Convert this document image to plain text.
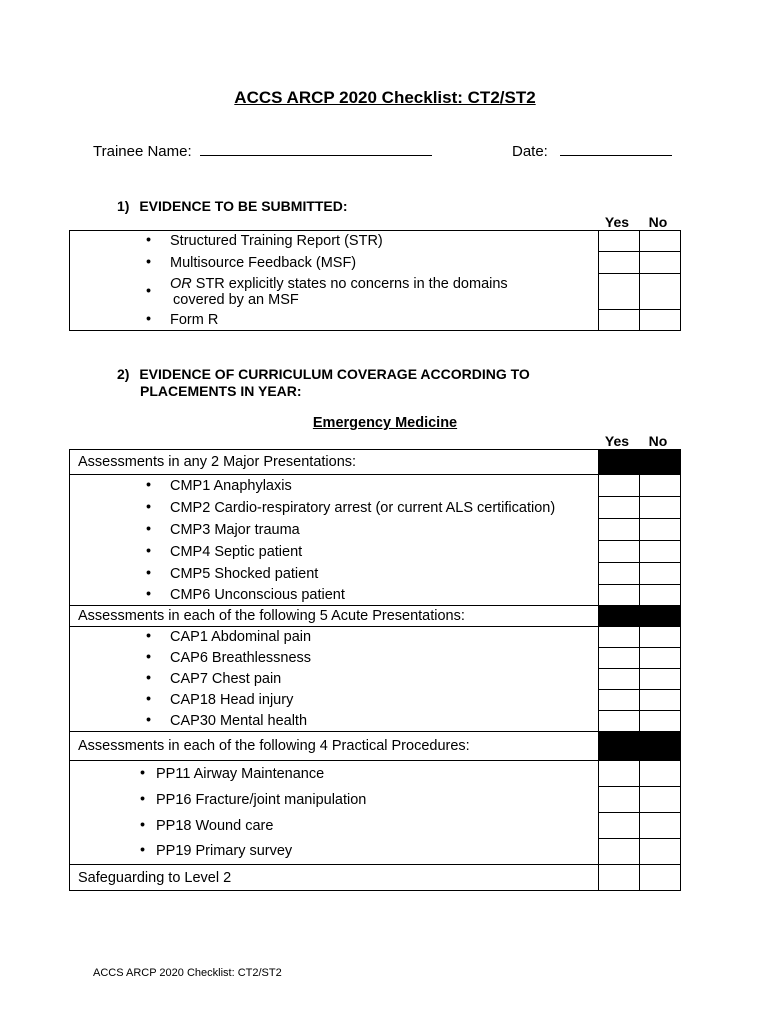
ACCS ARCP 2020 Checklist: CT2/ST2
Trainee Name:	Date:
1) EVIDENCE TO BE SUBMITTED:
Yes	No
• Structured Training Report (STR)		
• Multisource Feedback (MSF)		
• OR STR explicitly states no concerns in the domains
covered by an MSF		
• Form R		
2) EVIDENCE OF CURRICULUM COVERAGE ACCORDING TO
PLACEMENTS IN YEAR:
Emergency Medicine
Yes	No
Assessments in any 2 Major Presentations:		
• CMP1 Anaphylaxis		
• CMP2 Cardio-respiratory arrest (or current ALS certification)		
• CMP3 Major trauma		
• CMP4 Septic patient		
• CMP5 Shocked patient		
• CMP6 Unconscious patient		
Assessments in each of the following 5 Acute Presentations:		
• CAP1 Abdominal pain		
• CAP6 Breathlessness		
• CAP7 Chest pain		
• CAP18 Head injury		
• CAP30 Mental health		
Assessments in each of the following 4 Practical Procedures:		
• PP11 Airway Maintenance		
• PP16 Fracture/joint manipulation		
• PP18 Wound care		
• PP19 Primary survey		
Safeguarding to Level 2		
ACCS ARCP 2020 Checklist: CT2/ST2
